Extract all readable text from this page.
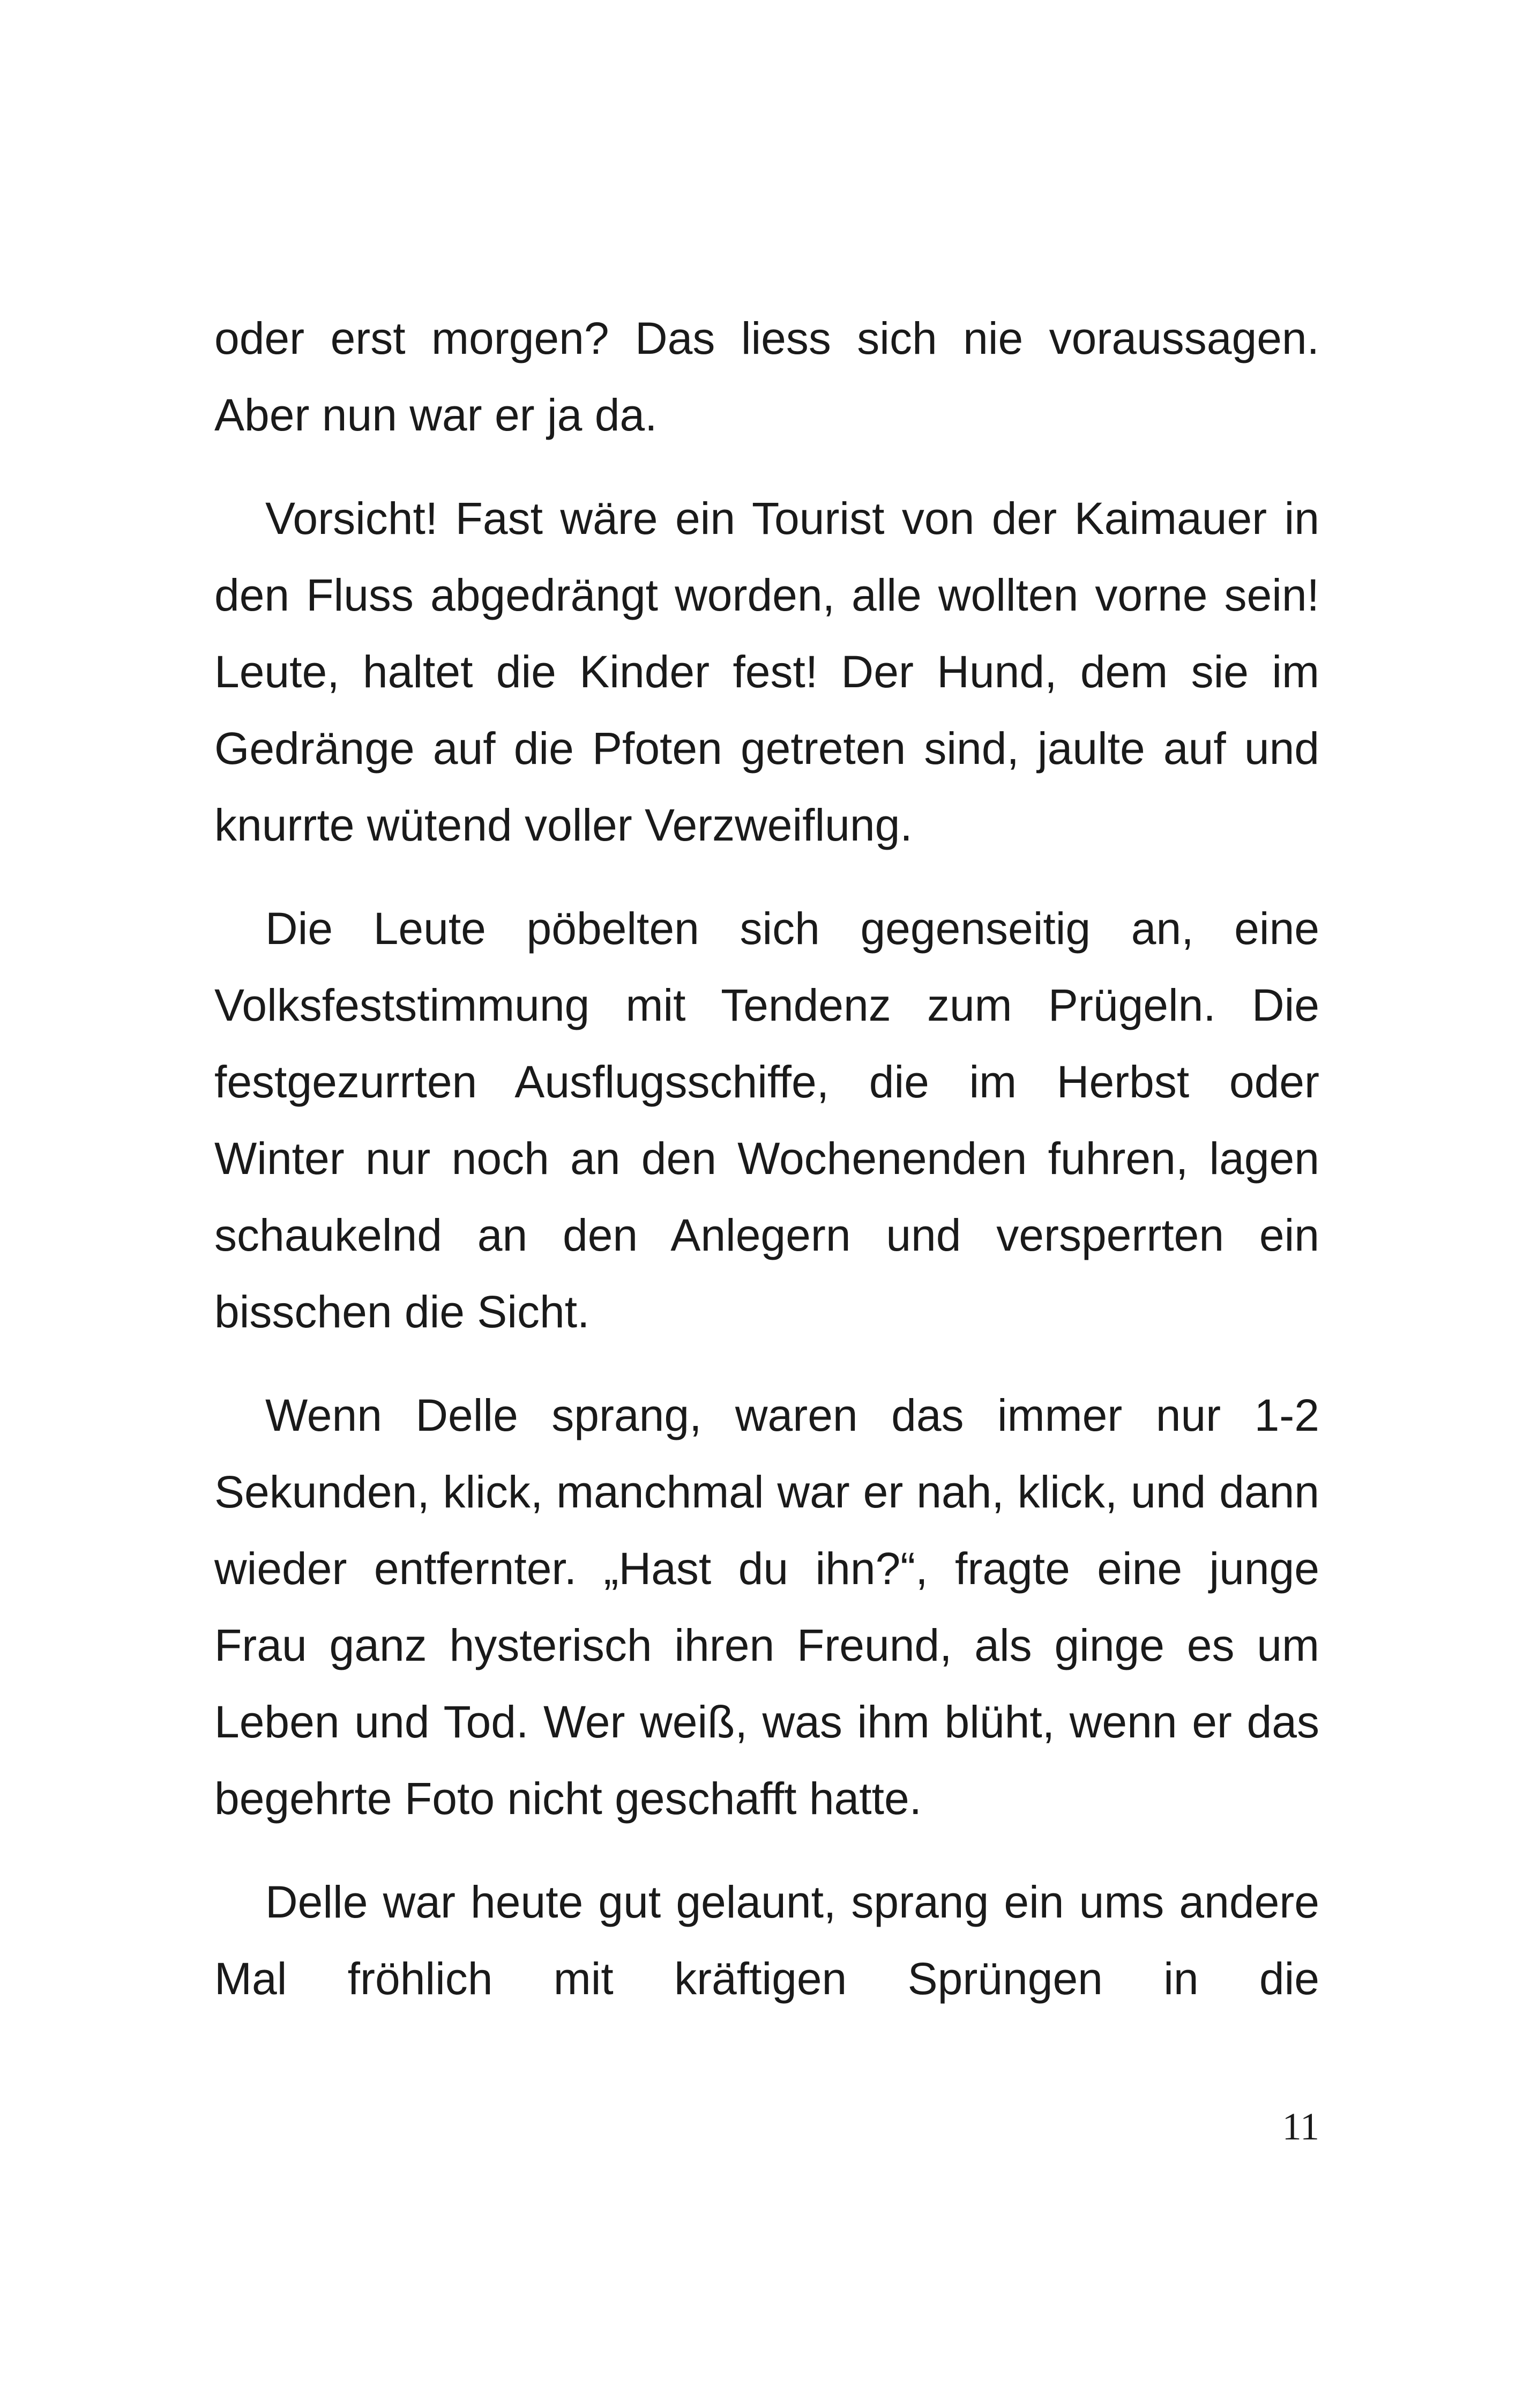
oder erst morgen? Das liess sich nie voraussagen. Aber nun war er ja da.

Vorsicht! Fast wäre ein Tourist von der Kaimauer in den Fluss abgedrängt worden, alle wollten vorne sein! Leute, haltet die Kinder fest! Der Hund, dem sie im Gedränge auf die Pfoten getreten sind, jaulte auf und knurrte wütend voller Verzweiflung.

Die Leute pöbelten sich gegenseitig an, eine Volksfeststimmung mit Tendenz zum Prügeln. Die festgezurrten Ausflugsschiffe, die im Herbst oder Winter nur noch an den Wochenenden fuhren, lagen schaukelnd an den Anlegern und versperrten ein bisschen die Sicht.

Wenn Delle sprang, waren das immer nur 1-2 Sekunden, klick, manchmal war er nah, klick, und dann wieder entfernter. „Hast du ihn?“, fragte eine junge Frau ganz hysterisch ihren Freund, als ginge es um Leben und Tod. Wer weiß, was ihm blüht, wenn er das begehrte Foto nicht geschafft hatte.

Delle war heute gut gelaunt, sprang ein ums andere Mal fröhlich mit kräftigen Sprüngen in die

11
